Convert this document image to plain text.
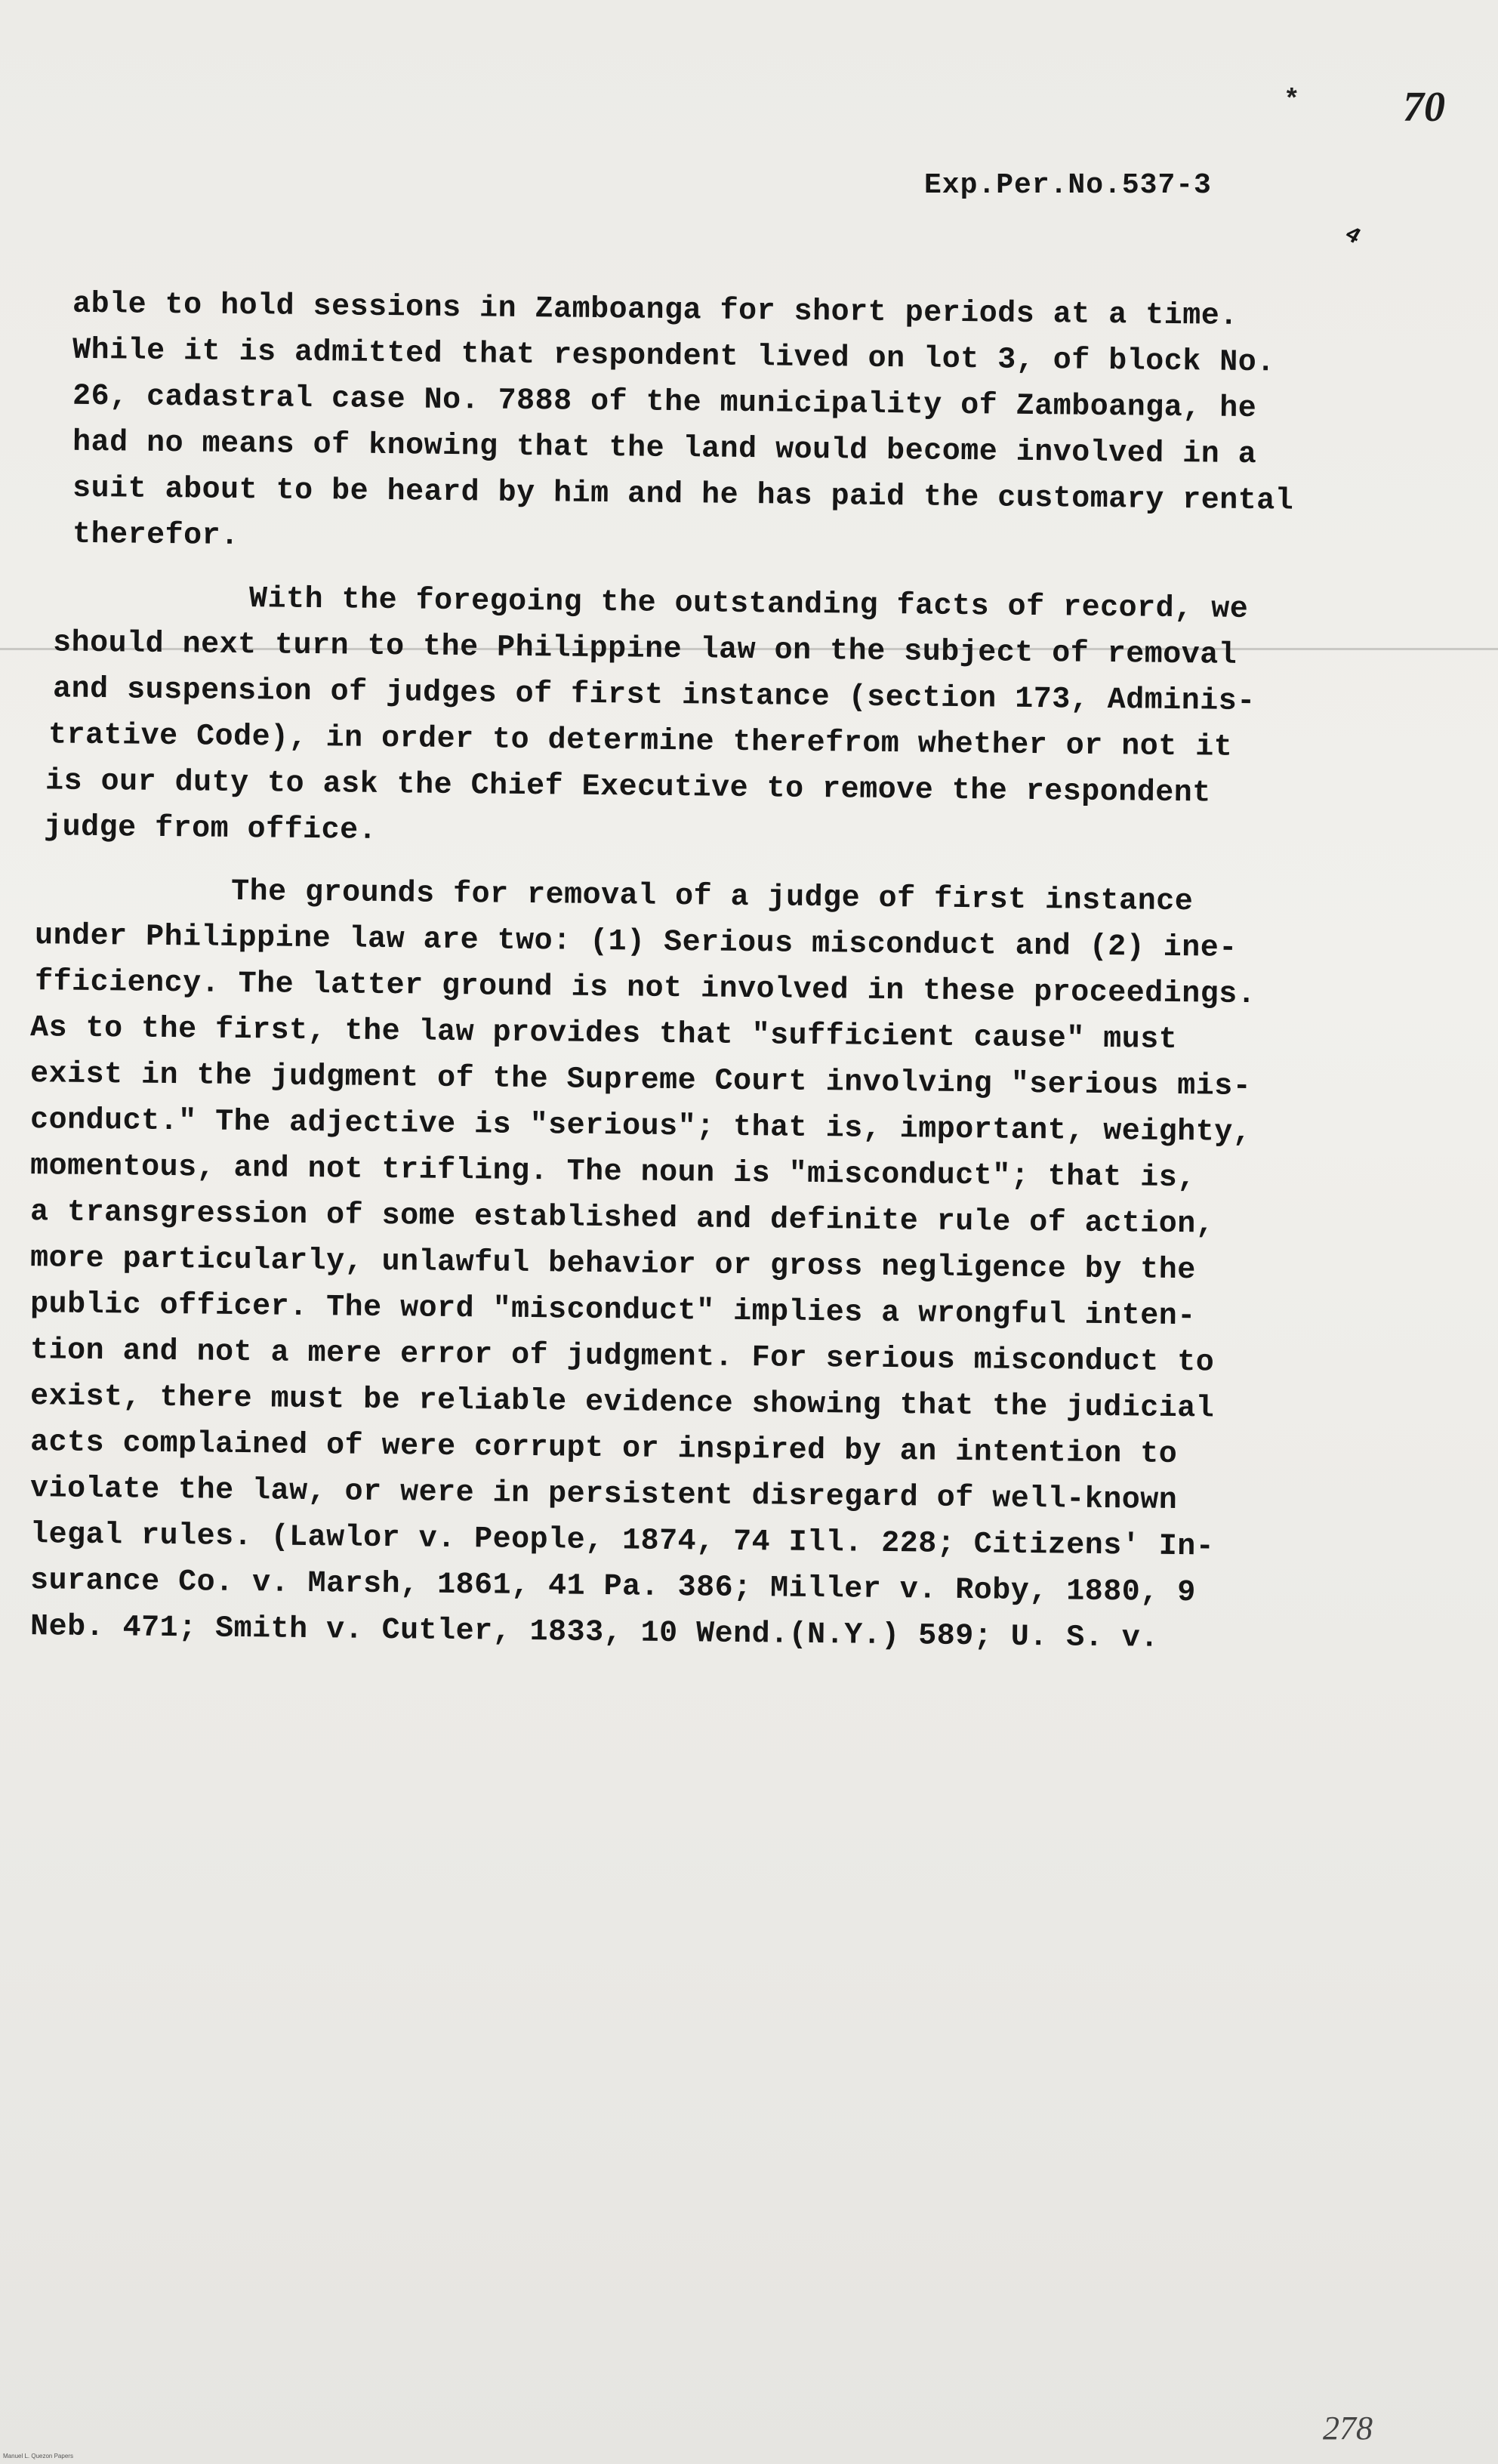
* 70
Exp.Per.No.537-3
4
able to hold sessions in Zamboanga for short periods at a time.
While it is admitted that respondent lived on lot 3, of block No.
26, cadastral case No. 7888 of the municipality of Zamboanga, he
had no means of knowing that the land would become involved in a
suit about to be heard by him and he has paid the customary rental
therefor.
With the foregoing the outstanding facts of record, we
should next turn to the Philippine law on the subject of removal
and suspension of judges of first instance (section 173, Adminis-
trative Code), in order to determine therefrom whether or not it
is our duty to ask the Chief Executive to remove the respondent
judge from office.
The grounds for removal of a judge of first instance
under Philippine law are two: (1) Serious misconduct and (2) ine-
fficiency. The latter ground is not involved in these proceedings.
As to the first, the law provides that "sufficient cause" must
exist in the judgment of the Supreme Court involving "serious mis-
conduct." The adjective is "serious"; that is, important, weighty,
momentous, and not trifling. The noun is "misconduct"; that is,
a transgression of some established and definite rule of action,
more particularly, unlawful behavior or gross negligence by the
public officer. The word "misconduct" implies a wrongful inten-
tion and not a mere error of judgment. For serious misconduct to
exist, there must be reliable evidence showing that the judicial
acts complained of were corrupt or inspired by an intention to
violate the law, or were in persistent disregard of well-known
legal rules. (Lawlor v. People, 1874, 74 Ill. 228; Citizens' In-
surance Co. v. Marsh, 1861, 41 Pa. 386; Miller v. Roby, 1880, 9
Neb. 471; Smith v. Cutler, 1833, 10 Wend.(N.Y.) 589; U. S. v.
278
Manuel L. Quezon Papers
